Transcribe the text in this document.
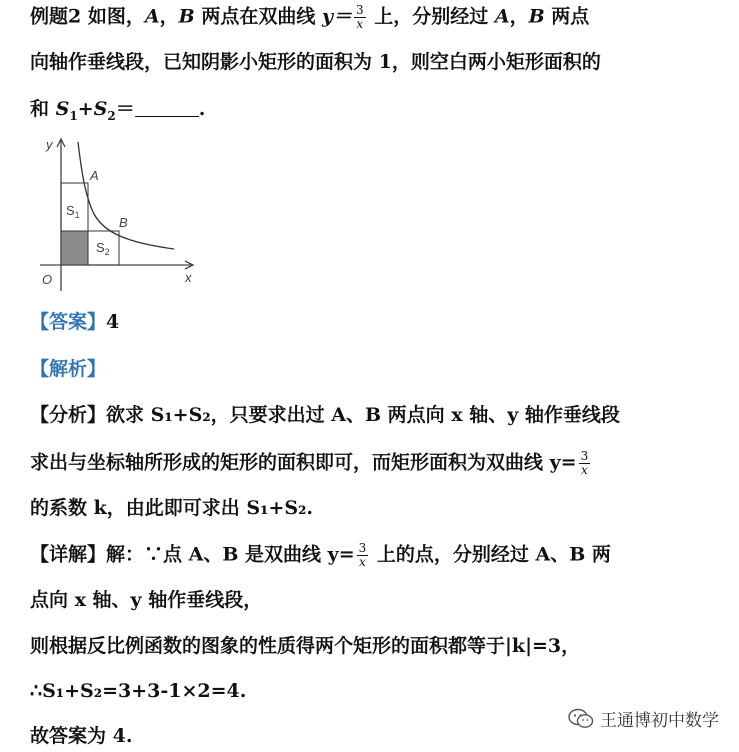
例题2 如图，A，B 两点在双曲线 $y= \frac{3}{x}$ 上，分别经过 A，B 两点
向轴作垂线段，已知阴影小矩形的面积为 1，则空白两小矩形面积的
和 $S_1+S_2=$	.
y
x
O
A
B
$S_1$
$S_2$
【答案】4
【解析】
【分析】欲求 S₁+S₂，只要求出过 A、B 两点向 x 轴、y 轴作垂线段
求出与坐标轴所形成的矩形的面积即可，而矩形面积为双曲线 $y= \frac{3}{x}$
的系数 k，由此即可求出 S₁+S₂.
【详解】解：∵点 A、B 是双曲线 $y= \frac{3}{x}$ 上的点，分别经过 A、B 两
点向 x 轴、y 轴作垂线段，
则根据反比例函数的图象的性质得两个矩形的面积都等于|k|=3，
∴S₁+S₂=3+3-1×2=4.
故答案为 4.
王通博初中数学
